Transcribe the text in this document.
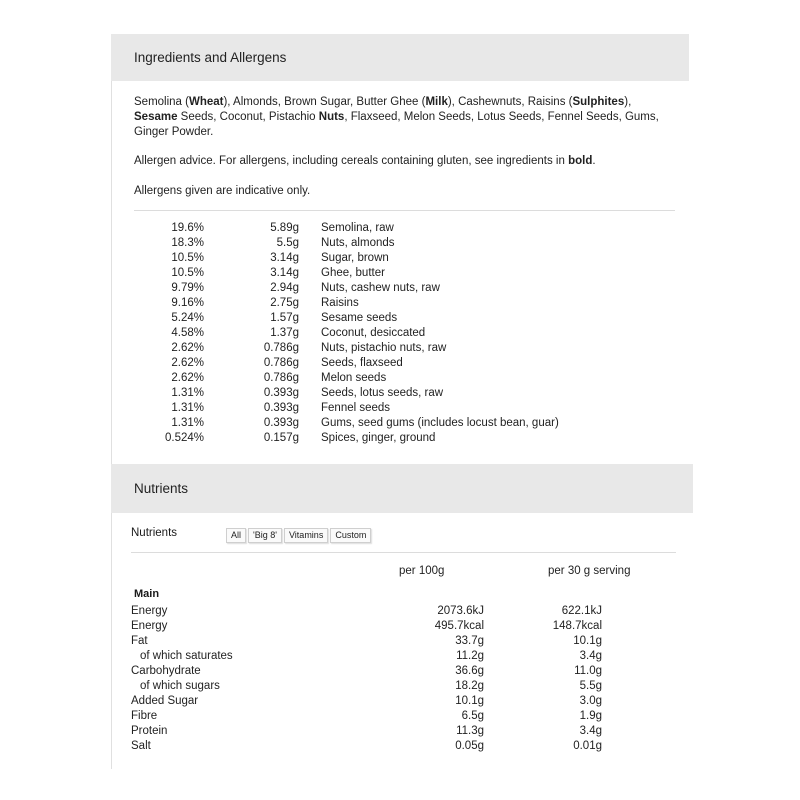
Ingredients and Allergens
Semolina (Wheat), Almonds, Brown Sugar, Butter Ghee (Milk), Cashewnuts, Raisins (Sulphites), Sesame Seeds, Coconut, Pistachio Nuts, Flaxseed, Melon Seeds, Lotus Seeds, Fennel Seeds, Gums, Ginger Powder.
Allergen advice. For allergens, including cereals containing gluten, see ingredients in bold.
Allergens given are indicative only.
19.6%	5.89g Semolina, raw
18.3%	5.5g Nuts, almonds
10.5%	3.14g Sugar, brown
10.5%	3.14g Ghee, butter
9.79%	2.94g Nuts, cashew nuts, raw
9.16%	2.75g Raisins
5.24%	1.57g Sesame seeds
4.58%	1.37g Coconut, desiccated
2.62%	0.786g Nuts, pistachio nuts, raw
2.62%	0.786g Seeds, flaxseed
2.62%	0.786g Melon seeds
1.31%	0.393g Seeds, lotus seeds, raw
1.31%	0.393g Fennel seeds
1.31%	0.393g Gums, seed gums (includes locust bean, guar)
0.524%	0.157g Spices, ginger, ground
Nutrients
Nutrients	All	'Big 8'	Vitamins	Custom
per 100g	per 30 g serving
Main
Energy	2073.6kJ	622.1kJ
Energy	495.7kcal	148.7kcal
Fat	33.7g	10.1g
of which saturates	11.2g	3.4g
Carbohydrate	36.6g	11.0g
of which sugars	18.2g	5.5g
Added Sugar	10.1g	3.0g
Fibre	6.5g	1.9g
Protein	11.3g	3.4g
Salt	0.05g	0.01g
